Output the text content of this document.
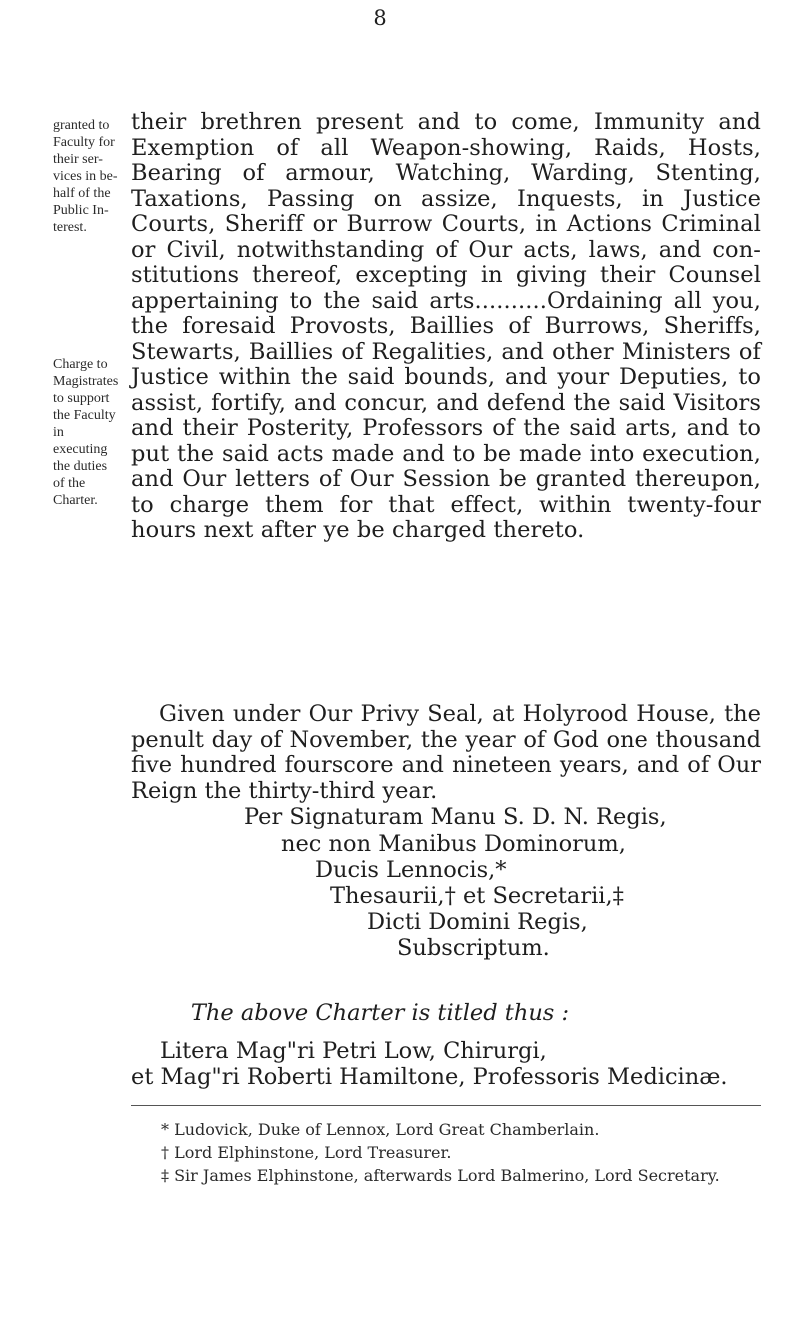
8
granted to Faculty for their ser- vices in be- half of the Public In- terest.
Charge to Magistrates to support the Faculty in executing the duties of the Charter.

their brethren present and to come, Immunity and Exemption of all Weapon-showing, Raids, Hosts, Bearing of armour, Watching, Warding, Stenting, Taxations, Passing on assize, Inquests, in Justice Courts, Sheriff or Burrow Courts, in Actions Criminal or Civil, notwithstanding of Our acts, laws, and con- stitutions thereof, excepting in giving their Counsel appertaining to the said arts..........Ordaining all you, the foresaid Provosts, Baillies of Burrows, Sheriffs, Stewarts, Baillies of Regalities, and other Ministers of Justice within the said bounds, and your Deputies, to assist, fortify, and concur, and defend the said Visitors and their Posterity, Professors of the said arts, and to put the said acts made and to be made into execution, and Our letters of Our Session be granted thereupon, to charge them for that effect, within twenty-four hours next after ye be charged thereto.

Given under Our Privy Seal, at Holyrood House, the penult day of November, the year of God one thousand five hundred fourscore and nineteen years, and of Our Reign the thirty-third year.

Per Signaturam Manu S. D. N. Regis,
nec non Manibus Dominorum,
Ducis Lennocis,*
Thesaurii,† et Secretarii,‡
Dicti Domini Regis,
Subscriptum.
The above Charter is titled thus :
Litera Mag"ri Petri Low, Chirurgi,
et Mag"ri Roberti Hamiltone, Professoris Medicinæ.
* Ludovick, Duke of Lennox, Lord Great Chamberlain.
† Lord Elphinstone, Lord Treasurer.
‡ Sir James Elphinstone, afterwards Lord Balmerino, Lord Secretary.
